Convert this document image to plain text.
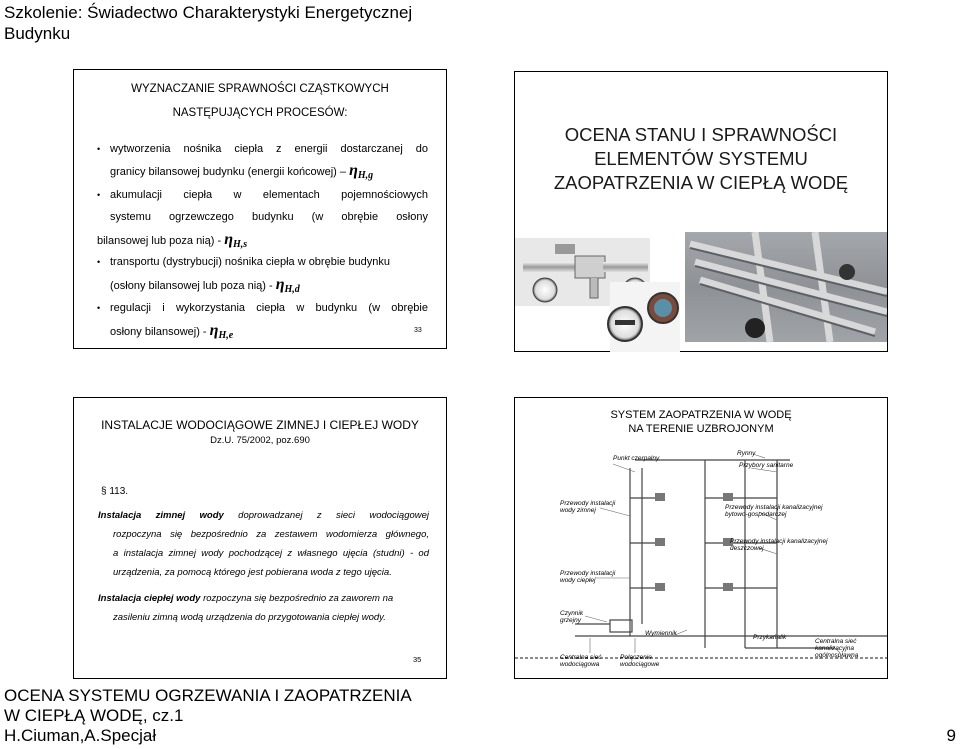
Szkolenie: Świadectwo Charakterystyki Energetycznej
Budynku
WYZNACZANIE SPRAWNOŚCI CZĄSTKOWYCH
NASTĘPUJĄCYCH PROCESÓW:
• wytworzenia nośnika ciepła z energii dostarczanej do
granicy bilansowej budynku (energii końcowej) – ηH,g
• akumulacji ciepła w elementach pojemnościowych
systemu ogrzewczego budynku (w obrębie osłony
bilansowej lub poza nią) - ηH,s
• transportu (dystrybucji) nośnika ciepła w obrębie budynku
(osłony bilansowej lub poza nią) - ηH,d
• regulacji i wykorzystania ciepła w budynku (w obrębie
osłony bilansowej) - ηH,e	33
OCENA STANU I SPRAWNOŚCI
ELEMENTÓW SYSTEMU
ZAOPATRZENIA W CIEPŁĄ WODĘ
INSTALACJE WODOCIĄGOWE ZIMNEJ I CIEPŁEJ WODY
Dz.U. 75/2002, poz.690
§ 113.
Instalacja zimnej wody doprowadzanej z sieci wodociągowej
rozpoczyna się bezpośrednio za zestawem wodomierza głównego,
a instalacja zimnej wody pochodzącej z własnego ujęcia (studni) - od
urządzenia, za pomocą którego jest pobierana woda z tego ujęcia.
Instalacja ciepłej wody rozpoczyna się bezpośrednio za zaworem na
zasileniu zimną wodą urządzenia do przygotowania ciepłej wody.
35
SYSTEM ZAOPATRZENIA W WODĘ
NA TERENIE UZBROJONYM
Punkt czerpalny
Rynny
Przybory sanitarne
Przewody instalacji
wody zimnej	Przewody instalacji kanalizacyjnej
bytowo-gospodarczej
Przewody instalacji kanalizacyjnej
deszczowej
Przewody instalacji
wody ciepłej
Czynnik
grzejny
Wymiennik
Przykanalik
Centralna sieć
wodociągowa
Połączenie
wodociągowe
Centralna sieć
kanalizacyjna
ogólnospławna
OCENA SYSTEMU OGRZEWANIA I ZAOPATRZENIA
W CIEPŁĄ WODĘ, cz.1
H.Ciuman,A.Specjał	9
